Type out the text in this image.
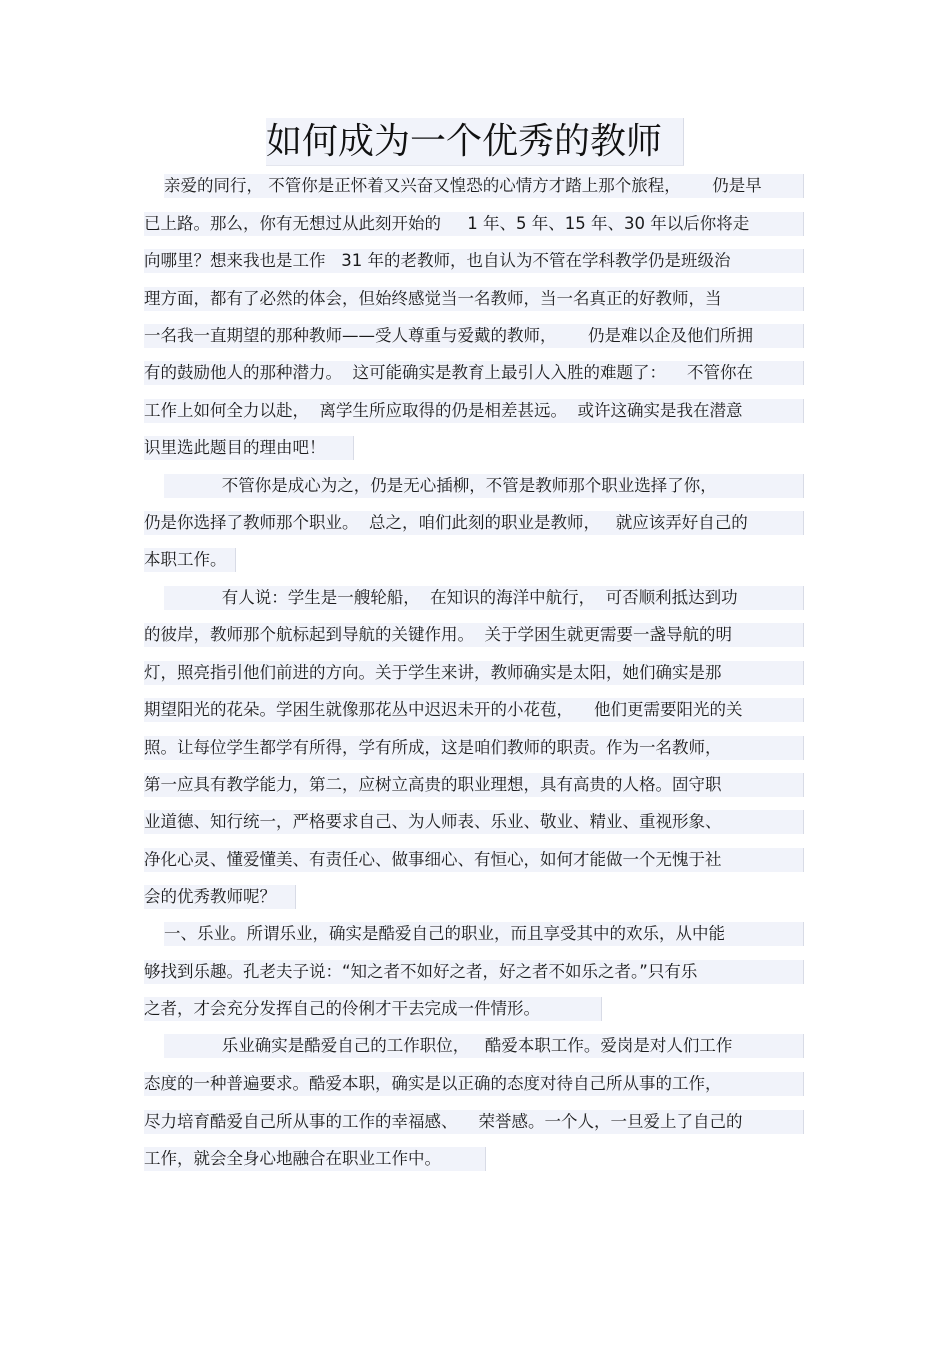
如何成为一个优秀的教师
亲爱的同行， 不管你是正怀着又兴奋又惶恐的心情方才踏上那个旅程，      仍是早
已上路。那么，你有无想过从此刻开始的     1 年、5 年、15 年、30 年以后你将走
向哪里？想来我也是工作   31 年的老教师，也自认为不管在学科教学仍是班级治
理方面，都有了必然的体会，但始终感觉当一名教师，当一名真正的好教师，当
一名我一直期望的那种教师——受人尊重与爱戴的教师，      仍是难以企及他们所拥
有的鼓励他人的那种潜力。  这可能确实是教育上最引人入胜的难题了：    不管你在
工作上如何全力以赴，  离学生所应取得的仍是相差甚远。  或许这确实是我在潜意
识里选此题目的理由吧！
不管你是成心为之，仍是无心插柳，不管是教师那个职业选择了你，
仍是你选择了教师那个职业。  总之，咱们此刻的职业是教师，   就应该弄好自己的
本职工作。
有人说：学生是一艘轮船，  在知识的海洋中航行，  可否顺利抵达到功
的彼岸，教师那个航标起到导航的关键作用。  关于学困生就更需要一盏导航的明
灯，照亮指引他们前进的方向。关于学生来讲，教师确实是太阳，她们确实是那
期望阳光的花朵。学困生就像那花丛中迟迟未开的小花苞，    他们更需要阳光的关
照。让每位学生都学有所得，学有所成，这是咱们教师的职责。作为一名教师，
第一应具有教学能力，第二，应树立高贵的职业理想，具有高贵的人格。固守职
业道德、知行统一，严格要求自己、为人师表、乐业、敬业、精业、重视形象、
净化心灵、懂爱懂美、有责任心、做事细心、有恒心，如何才能做一个无愧于社
会的优秀教师呢？
一、乐业。所谓乐业，确实是酷爱自己的职业，而且享受其中的欢乐，从中能
够找到乐趣。孔老夫子说：“知之者不如好之者，好之者不如乐之者。”只有乐
之者，才会充分发挥自己的伶俐才干去完成一件情形。
乐业确实是酷爱自己的工作职位，   酷爱本职工作。爱岗是对人们工作
态度的一种普遍要求。酷爱本职，确实是以正确的态度对待自己所从事的工作，
尽力培育酷爱自己所从事的工作的幸福感、    荣誉感。一个人，一旦爱上了自己的
工作，就会全身心地融合在职业工作中。
